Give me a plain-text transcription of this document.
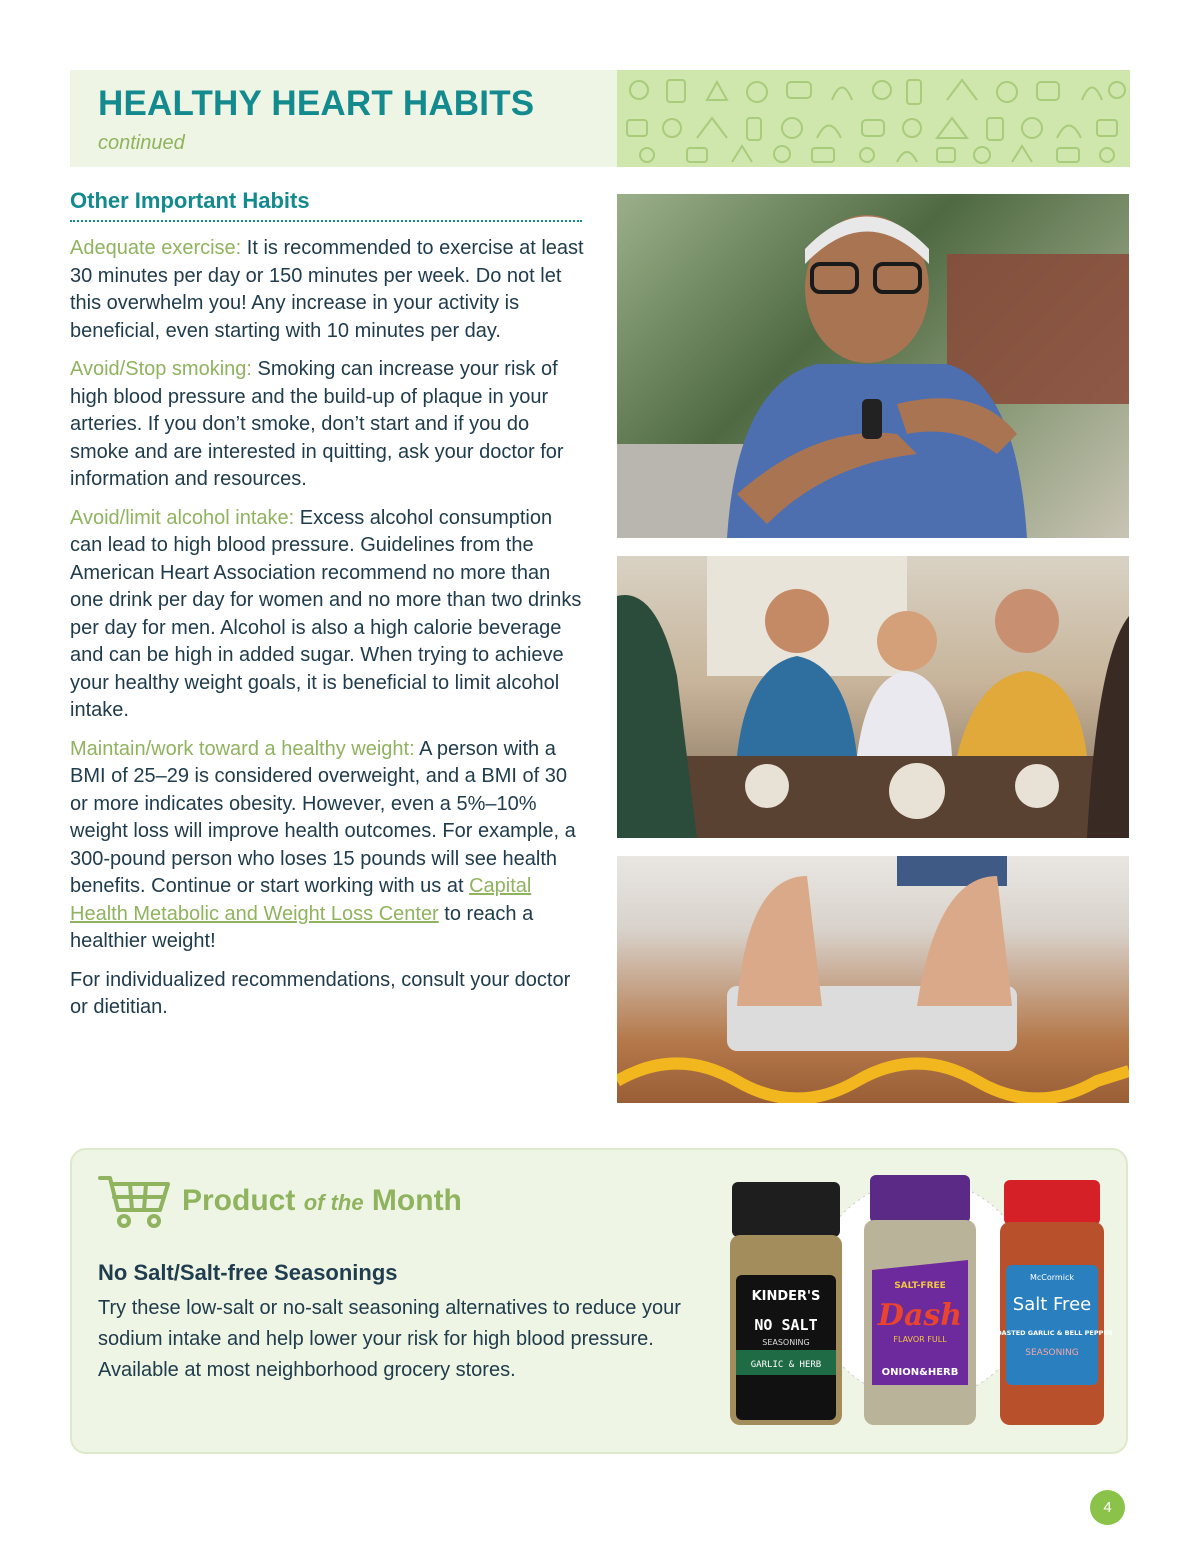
HEALTHY HEART HABITS
continued
Other Important Habits

Adequate exercise: It is recommended to exercise at least 30 minutes per day or 150 minutes per week. Do not let this overwhelm you! Any increase in your activity is beneficial, even starting with 10 minutes per day.

Avoid/Stop smoking: Smoking can increase your risk of high blood pressure and the build-up of plaque in your arteries. If you don’t smoke, don’t start and if you do smoke and are interested in quitting, ask your doctor for information and resources.

Avoid/limit alcohol intake: Excess alcohol consumption can lead to high blood pressure. Guidelines from the American Heart Association recommend no more than one drink per day for women and no more than two drinks per day for men. Alcohol is also a high calorie beverage and can be high in added sugar. When trying to achieve your healthy weight goals, it is beneficial to limit alcohol intake.

Maintain/work toward a healthy weight: A person with a BMI of 25–29 is considered overweight, and a BMI of 30 or more indicates obesity. However, even a 5%–10% weight loss will improve health outcomes. For example, a 300-pound person who loses 15 pounds will see health benefits. Continue or start working with us at Capital Health Metabolic and Weight Loss Center to reach a healthier weight!

For individualized recommendations, consult your doctor or dietitian.

Product of the Month
No Salt/Salt-free Seasonings
Try these low-salt or no-salt seasoning alternatives to reduce your sodium intake and help lower your risk for high blood pressure. Available at most neighborhood grocery stores.
KINDER'S
NO SALT
SEASONING
GARLIC & HERB
SALT-FREE
Dash
FLAVOR FULL
ONION&HERB
McCormick
Salt Free
ROASTED GARLIC & BELL PEPPER
SEASONING
4
